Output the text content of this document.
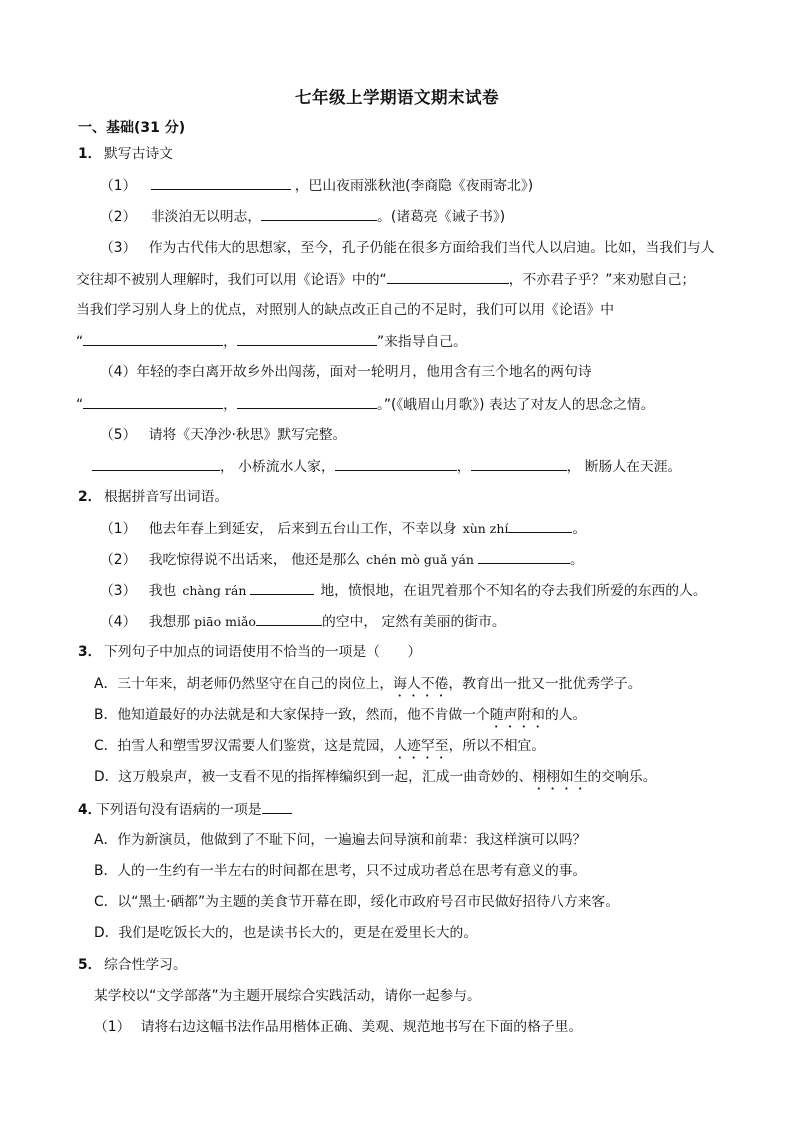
七年级上学期语文期末试卷
一、基础(31 分)
1． 默写古诗文
（1）	，巴山夜雨涨秋池(李商隐《夜雨寄北》)
（2） 非淡泊无以明志，	。(诸葛亮《诫子书》)
（3） 作为古代伟大的思想家，至今，孔子仍能在很多方面给我们当代人以启迪。比如，当我们与人
交往却不被别人理解时，我们可以用《论语》中的“	，不亦君子乎？”来劝慰自己；
当我们学习别人身上的优点，对照别人的缺点改正自己的不足时，我们可以用《论语》中
“	，	”来指导自己。
（4）年轻的李白离开故乡外出闯荡，面对一轮明月，他用含有三个地名的两句诗
“	，	。”(《峨眉山月歌》) 表达了对友人的思念之情。
（5） 请将《天净沙·秋思》默写完整。
， 小桥流水人家，	，	， 断肠人在天涯。
2． 根据拼音写出词语。
（1） 他去年春上到延安， 后来到五台山工作，不幸以身 xùn zhí	。
（2） 我吃惊得说不出话来， 他还是那么 chén mò guǎ yán	。
（3） 我也 chàng rán	地，愤恨地，在诅咒着那个不知名的夺去我们所爱的东西的人。
（4） 我想那 piāo miǎo	的空中， 定然有美丽的街市。
3． 下列句子中加点的词语使用不恰当的一项是（　　）
A．三十年来，胡老师仍然坚守在自己的岗位上，诲人不倦，教育出一批又一批优秀学子。
B．他知道最好的办法就是和大家保持一致，然而，他不肯做一个随声附和的人。
C．拍雪人和塑雪罗汉需要人们鉴赏，这是荒园，人迹罕至，所以不相宜。
D．这万般泉声，被一支看不见的指挥棒编织到一起，汇成一曲奇妙的、栩栩如生的交响乐。
4．下列语句没有语病的一项是
A．作为新演员，他做到了不耻下问，一遍遍去问导演和前辈：我这样演可以吗？
B．人的一生约有一半左右的时间都在思考，只不过成功者总在思考有意义的事。
C．以“黑土·硒都”为主题的美食节开幕在即，绥化市政府号召市民做好招待八方来客。
D．我们是吃饭长大的，也是读书长大的，更是在爱里长大的。
5． 综合性学习。
某学校以“文学部落”为主题开展综合实践活动，请你一起参与。
（1） 请将右边这幅书法作品用楷体正确、美观、规范地书写在下面的格子里。
